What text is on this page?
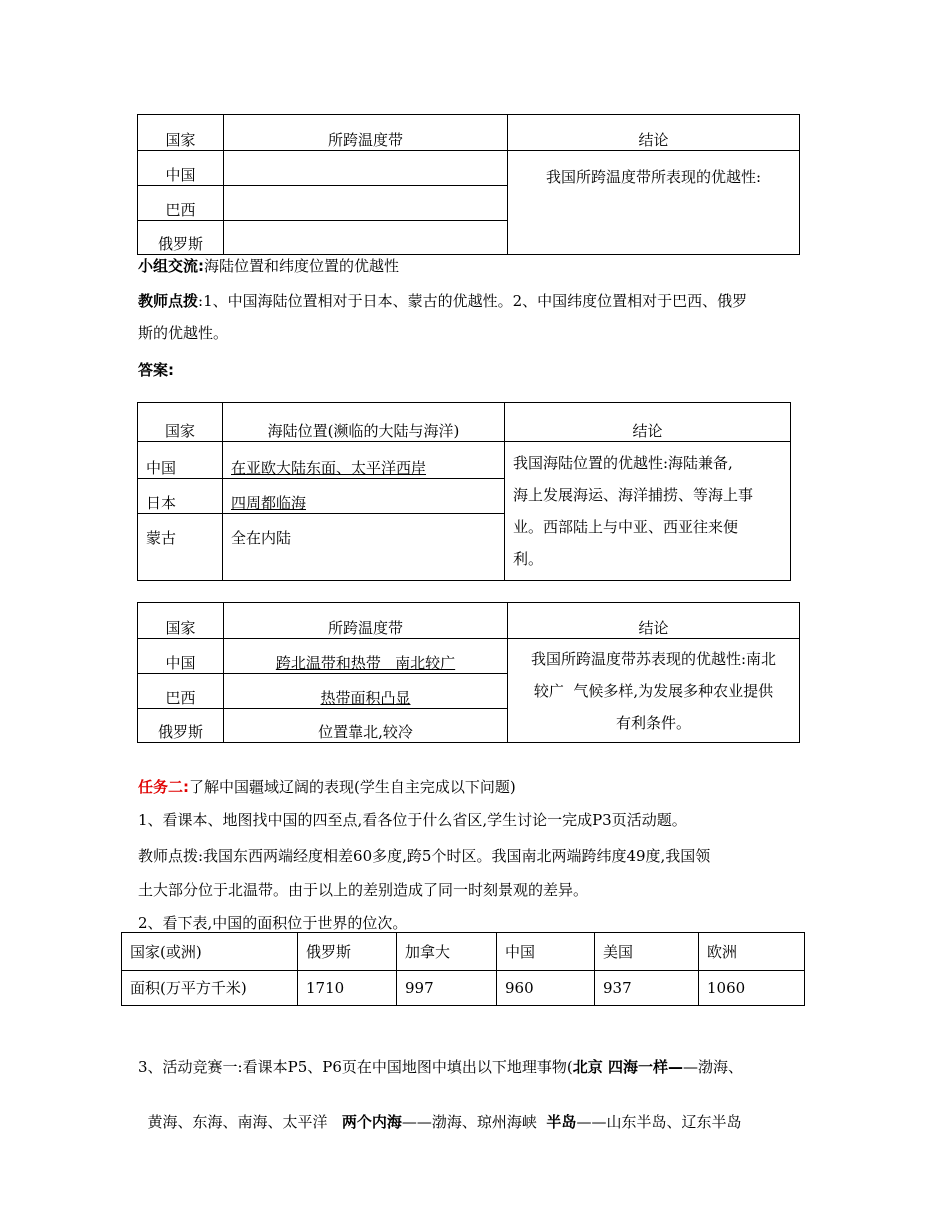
国家	所跨温度带	结论
中国		我国所跨温度带所表现的优越性:
巴西		
俄罗斯		
小组交流:海陆位置和纬度位置的优越性
教师点拨:1、中国海陆位置相对于日本、蒙古的优越性。2、中国纬度位置相对于巴西、俄罗
斯的优越性。
答案:
国家	海陆位置(濒临的大陆与海洋)	结论
中国	在亚欧大陆东面、太平洋西岸	我国海陆位置的优越性:海陆兼备,
海上发展海运、海洋捕捞、等海上事
业。西部陆上与中亚、西亚往来便
利。

日本	四周都临海	
蒙古	全在内陆	
国家	所跨温度带	结论
中国	跨北温带和热带   南北较广	我国所跨温度带苏表现的优越性:南北
较广  气候多样,为发展多种农业提供
有利条件。

巴西	热带面积凸显	
俄罗斯	位置靠北,较冷	
任务二:了解中国疆域辽阔的表现(学生自主完成以下问题)
1、看课本、地图找中国的四至点,看各位于什么省区,学生讨论一完成P3页活动题。
教师点拨:我国东西两端经度相差60多度,跨5个时区。我国南北两端跨纬度49度,我国领
土大部分位于北温带。由于以上的差别造成了同一时刻景观的差异。
2、看下表,中国的面积位于世界的位次。
国家(或洲)	俄罗斯	加拿大	中国	美国	欧洲
面积(万平方千米)	1710	997	960	937	1060
3、活动竞赛一:看课本P5、P6页在中国地图中填出以下地理事物(北京 四海一样——渤海、

黄海、东海、南海、太平洋   两个内海——渤海、琼州海峡  半岛——山东半岛、辽东半岛
